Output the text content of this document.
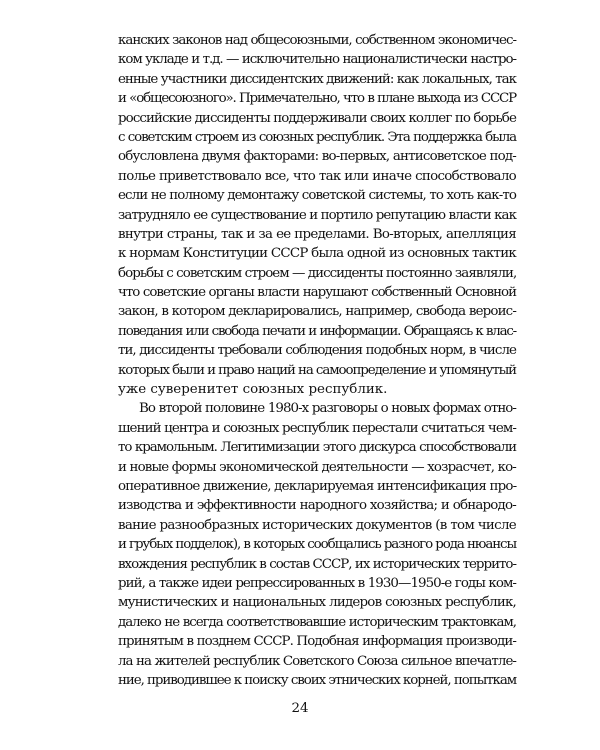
канских законов над общесоюзными, собственном экономичес-
ком укладе и т.д. — исключительно националистически настро-
енные участники диссидентских движений: как локальных, так
и «общесоюзного». Примечательно, что в плане выхода из СССР
российские диссиденты поддерживали своих коллег по борьбе
с советским строем из союзных республик. Эта поддержка была
обусловлена двумя факторами: во-первых, антисоветское под-
полье приветствовало все, что так или иначе способствовало
если не полному демонтажу советской системы, то хоть как-то
затрудняло ее существование и портило репутацию власти как
внутри страны, так и за ее пределами. Во-вторых, апелляция
к нормам Конституции СССР была одной из основных тактик
борьбы с советским строем — диссиденты постоянно заявляли,
что советские органы власти нарушают собственный Основной
закон, в котором декларировались, например, свобода вероис-
поведания или свобода печати и информации. Обращаясь к влас-
ти, диссиденты требовали соблюдения подобных норм, в числе
которых были и право наций на самоопределение и упомянутый
уже суверенитет союзных республик.
Во второй половине 1980-х разговоры о новых формах отно-
шений центра и союзных республик перестали считаться чем-
то крамольным. Легитимизации этого дискурса способствовали
и новые формы экономической деятельности — хозрасчет, ко-
оперативное движение, декларируемая интенсификация про-
изводства и эффективности народного хозяйства; и обнародо-
вание разнообразных исторических документов (в том числе
и грубых подделок), в которых сообщались разного рода нюансы
вхождения республик в состав СССР, их исторических террито-
рий, а также идеи репрессированных в 1930—1950-е годы ком-
мунистических и национальных лидеров союзных республик,
далеко не всегда соответствовавшие историческим трактовкам,
принятым в позднем СССР. Подобная информация производи-
ла на жителей республик Советского Союза сильное впечатле-
ние, приводившее к поиску своих этнических корней, попыткам
24
